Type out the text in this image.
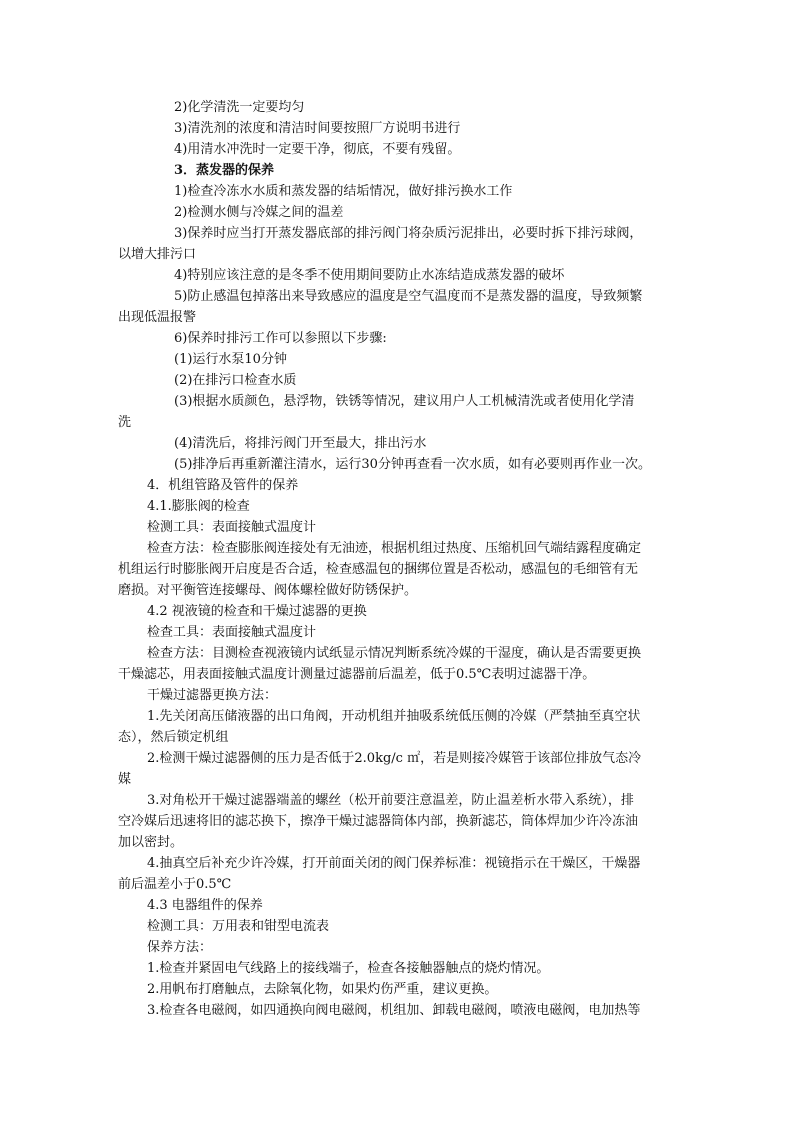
2)化学清洗一定要均匀
3)清洗剂的浓度和清洁时间要按照厂方说明书进行
4)用清水冲洗时一定要干净，彻底，不要有残留。
3．蒸发器的保养
1)检查冷冻水水质和蒸发器的结垢情况，做好排污换水工作
2)检测水侧与冷媒之间的温差
3)保养时应当打开蒸发器底部的排污阀门将杂质污泥排出，必要时拆下排污球阀，
以增大排污口
4)特别应该注意的是冬季不使用期间要防止水冻结造成蒸发器的破坏
5)防止感温包掉落出来导致感应的温度是空气温度而不是蒸发器的温度，导致频繁
出现低温报警
6)保养时排污工作可以参照以下步骤:
(1)运行水泵10分钟
(2)在排污口检查水质
(3)根据水质颜色，悬浮物，铁锈等情况，建议用户人工机械清洗或者使用化学清
洗
(4)清洗后，将排污阀门开至最大，排出污水
(5)排净后再重新灌注清水，运行30分钟再查看一次水质，如有必要则再作业一次。
4．机组管路及管件的保养
4.1.膨胀阀的检查
检测工具：表面接触式温度计
检查方法：检查膨胀阀连接处有无油迹，根据机组过热度、压缩机回气端结露程度确定
机组运行时膨胀阀开启度是否合适，检查感温包的捆绑位置是否松动，感温包的毛细管有无
磨损。对平衡管连接螺母、阀体螺栓做好防锈保护。
4.2 视液镜的检查和干燥过滤器的更换
检查工具：表面接触式温度计
检查方法：目测检查视液镜内试纸显示情况判断系统冷媒的干湿度，确认是否需要更换
干燥滤芯，用表面接触式温度计测量过滤器前后温差，低于0.5℃表明过滤器干净。
干燥过滤器更换方法：
1.先关闭高压储液器的出口角阀，开动机组并抽吸系统低压侧的冷媒（严禁抽至真空状
态），然后锁定机组
2.检测干燥过滤器侧的压力是否低于2.0kg/c ㎡，若是则接冷媒管于该部位排放气态冷
媒
3.对角松开干燥过滤器端盖的螺丝（松开前要注意温差，防止温差析水带入系统），排
空冷媒后迅速将旧的滤芯换下，擦净干燥过滤器筒体内部，换新滤芯，筒体焊加少许冷冻油
加以密封。
4.抽真空后补充少许冷媒，打开前面关闭的阀门保养标准：视镜指示在干燥区，干燥器
前后温差小于0.5℃
4.3 电器组件的保养
检测工具：万用表和钳型电流表
保养方法：
1.检查并紧固电气线路上的接线端子，检查各接触器触点的烧灼情况。
2.用帆布打磨触点，去除氧化物，如果灼伤严重，建议更换。
3.检查各电磁阀，如四通换向阀电磁阀，机组加、卸载电磁阀，喷液电磁阀，电加热等
